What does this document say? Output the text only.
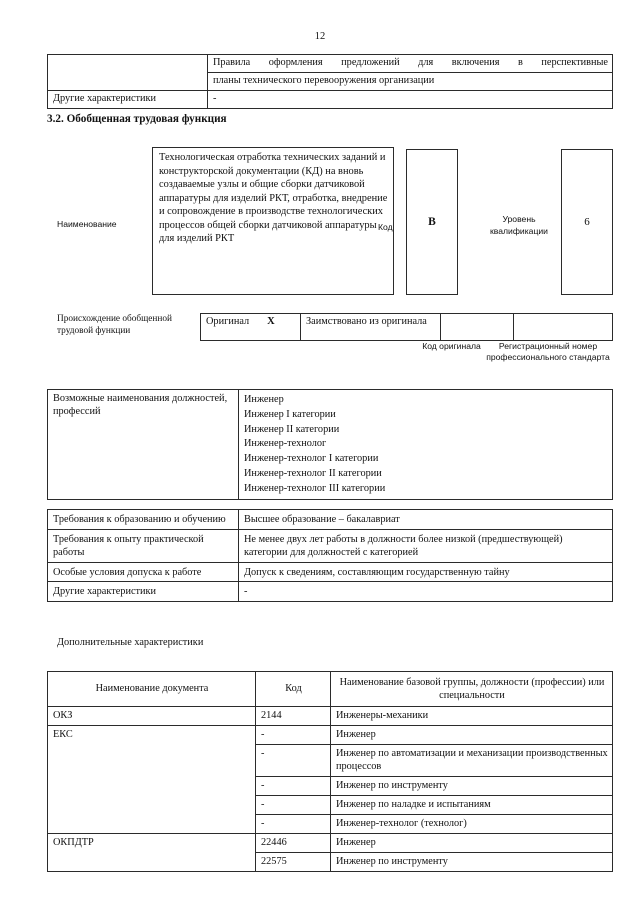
12
	Правила оформления предложений для включения в перспективные
	планы технического перевооружения организации
Другие характеристики	-
3.2. Обобщенная трудовая функция
Наименование
Технологическая отработка технических заданий и конструкторской документации (КД) на вновь создаваемые узлы и общие сборки датчиковой аппаратуры для изделий РКТ, отработка, внедрение и сопровождение в производстве технологических процессов общей сборки датчиковой аппаратуры для изделий РКТ
Код	B	Уровень квалификации
6
Происхождение обобщенной трудовой функции
Оригинал X	Заимствовано из оригинала		
Код оригинала	Регистрационный номер профессионального стандарта
Возможные наименования должностей, профессий	
Инженер
Инженер I категории
Инженер II категории
Инженер-технолог
Инженер-технолог I категории
Инженер-технолог II категории
Инженер-технолог III категории
Требования к образованию и обучению	Высшее образование – бакалавриат
Требования к опыту практической работы	Не менее двух лет работы в должности более низкой (предшествующей) категории для должностей с категорией
Особые условия допуска к работе	Допуск к сведениям, составляющим государственную тайну
Другие характеристики	-
Дополнительные характеристики
Наименование документа	Код	Наименование базовой группы, должности (профессии) или специальности
ОКЗ	2144	Инженеры-механики
ЕКС	-	Инженер
	-	Инженер по автоматизации и механизации производственных процессов
	-	Инженер по инструменту
	-	Инженер по наладке и испытаниям
	-	Инженер-технолог (технолог)
ОКПДТР	22446	Инженер
	22575	Инженер по инструменту
